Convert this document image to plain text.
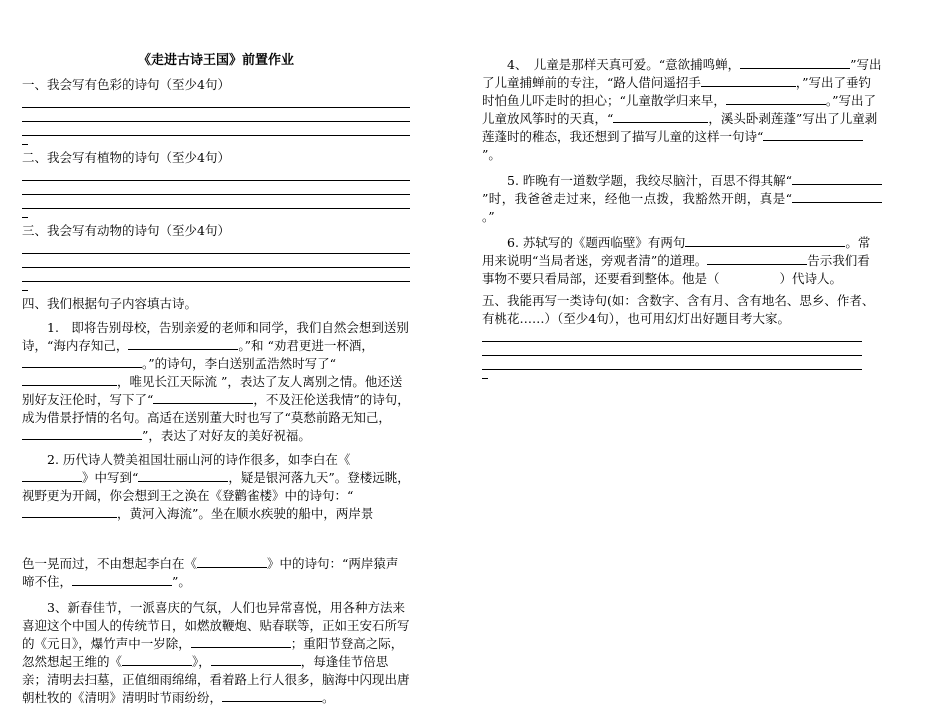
《走进古诗王国》前置作业

一、我会写有色彩的诗句（至少4句）

二、我会写有植物的诗句（至少4句）

三、我会写有动物的诗句（至少4句）

四、我们根据句子内容填古诗。

1.　即将告别母校，告别亲爱的老师和同学，我们自然会想到送别诗，“海内存知己，	。”和 “劝君更进一杯酒，。”的诗句，李白送别孟浩然时写了“，唯见长江天际流 ”，表达了友人离别之情。他还送别好友汪伦时，写下了“	，不及汪伦送我情”的诗句，成为借景抒情的名句。高适在送别董大时也写了“莫愁前路无知己，”，表达了对好友的美好祝福。

2. 历代诗人赞美祖国壮丽山河的诗作很多，如李白在《》中写到“	，疑是银河落九天”。登楼远眺，视野更为开阔，你会想到王之涣在《登鹳雀楼》中的诗句：“，黄河入海流”。坐在顺水疾驶的船中，两岸景

色一晃而过，不由想起李白在《	》中的诗句：“两岸猿声啼不住，	”。

3、新春佳节，一派喜庆的气氛，人们也异常喜悦，用各种方法来喜迎这个中国人的传统节日，如燃放鞭炮、贴春联等，正如王安石所写的《元日》，爆竹声中一岁除，	；重阳节登高之际，忽然想起王维的《	》，	，每逢佳节倍思亲；清明去扫墓，正值细雨绵绵，看着路上行人很多，脑海中闪现出唐朝杜牧的《清明》清明时节雨纷纷，	。

4、　儿童是那样天真可爱。“意欲捕鸣蝉，	”写出了儿童捕蝉前的专注，“路人借问遥招手	，”写出了垂钓时怕鱼儿吓走时的担心；“儿童散学归来早，	。”写出了儿童放风筝时的天真，“	，溪头卧剥莲蓬”写出了儿童剥莲蓬时的稚态，我还想到了描写儿童的这样一句诗“”。

5. 昨晚有一道数学题，我绞尽脑汁，百思不得其解“”时，我爸爸走过来，经他一点拨，我豁然开朗，真是“。”

6. 苏轼写的《题西临壁》有两句	。常用来说明“当局者迷，旁观者清”的道理。	告示我们看事物不要只看局部，还要看到整体。他是（	）代诗人。

五、我能再写一类诗句(如：含数字、含有月、含有地名、思乡、作者、有桃花……）（至少4句），也可用幻灯出好题目考大家。
